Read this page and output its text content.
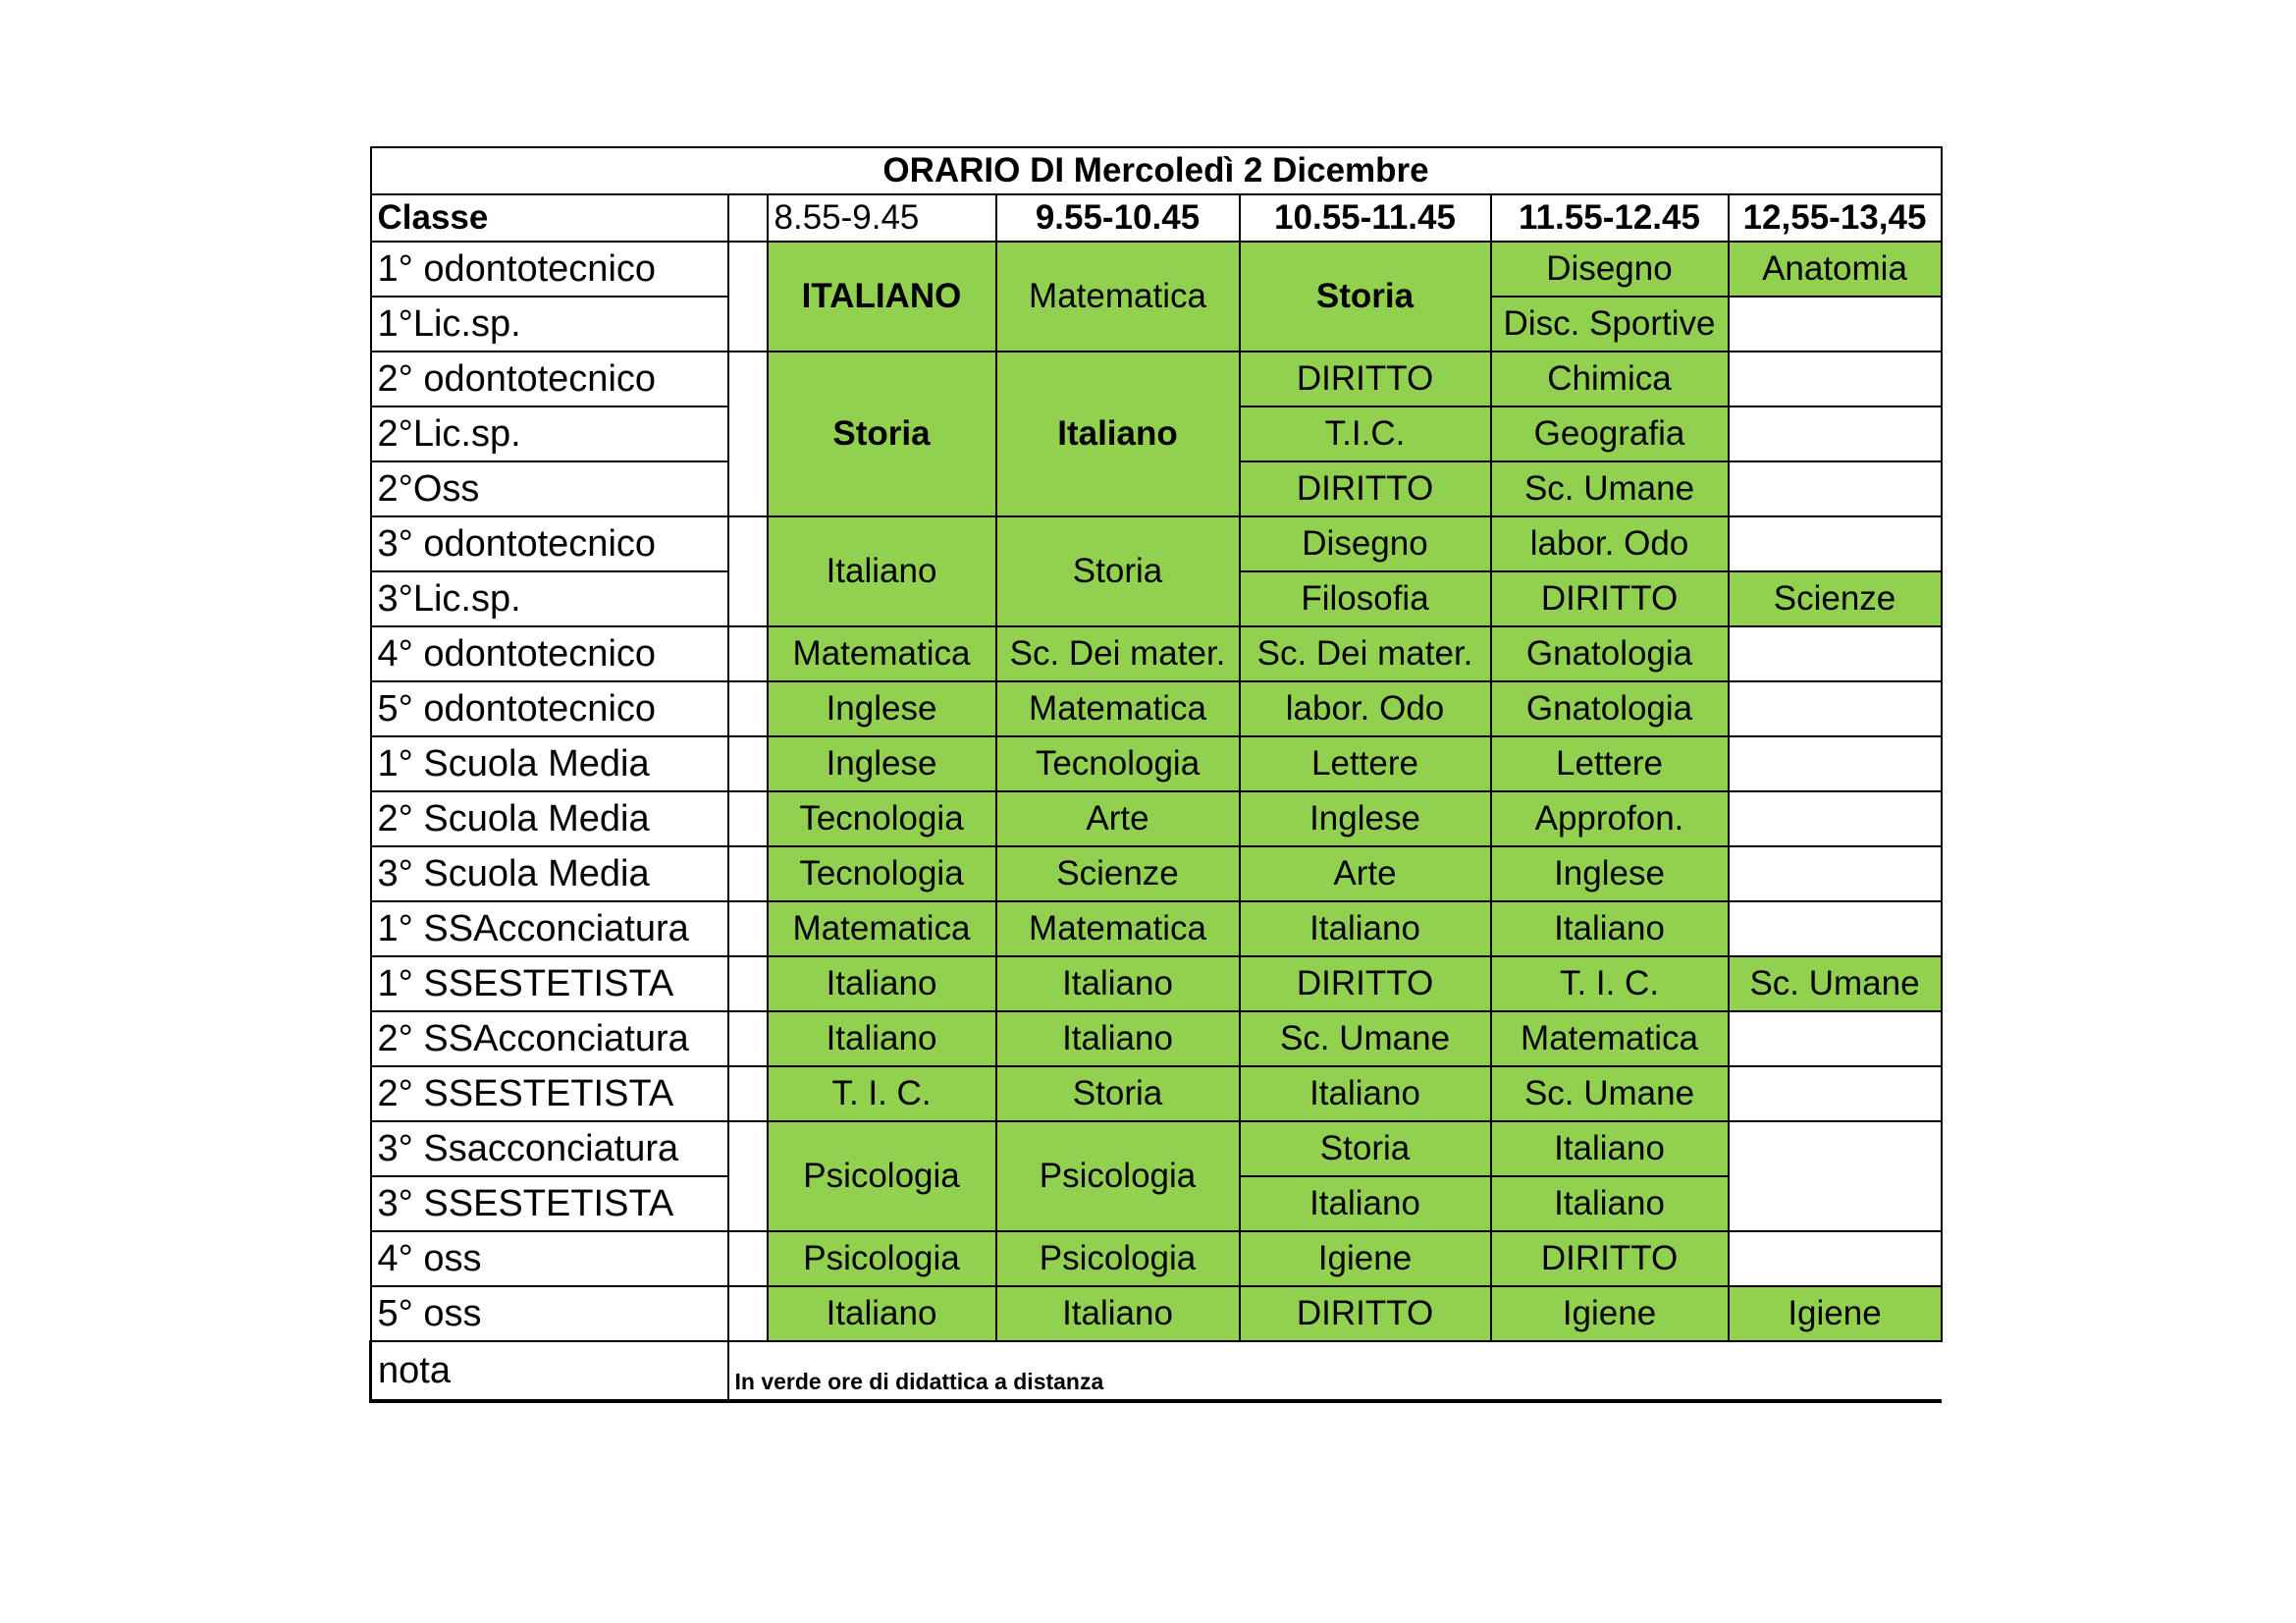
ORARIO DI Mercoledì 2 Dicembre						
Classe		8.55-9.45	9.55-10.45	10.55-11.45	11.55-12.45	12,55-13,45
1° odontotecnico		ITALIANO	Matematica	Storia	Disegno	Anatomia
1°Lic.sp.					Disc. Sportive	
2° odontotecnico		Storia	Italiano	DIRITTO	Chimica	
2°Lic.sp.				T.I.C.	Geografia	
2°Oss				DIRITTO	Sc. Umane	
3° odontotecnico		Italiano	Storia	Disegno	labor. Odo	
3°Lic.sp.				Filosofia	DIRITTO	Scienze
4° odontotecnico		Matematica	Sc. Dei mater.	Sc. Dei mater.	Gnatologia	
5° odontotecnico		Inglese	Matematica	labor. Odo	Gnatologia	
1° Scuola Media		Inglese	Tecnologia	Lettere	Lettere	
2° Scuola Media		Tecnologia	Arte	Inglese	Approfon.	
3° Scuola Media		Tecnologia	Scienze	Arte	Inglese	
1° SSAcconciatura		Matematica	Matematica	Italiano	Italiano	
1° SSESTETISTA		Italiano	Italiano	DIRITTO	T. I. C.	Sc. Umane
2° SSAcconciatura		Italiano	Italiano	Sc. Umane	Matematica	
2° SSESTETISTA		T. I. C.	Storia	Italiano	Sc. Umane	
3° Ssacconciatura		Psicologia	Psicologia	Storia	Italiano	
3° SSESTETISTA				Italiano	Italiano	
4° oss		Psicologia	Psicologia	Igiene	DIRITTO	
5° oss		Italiano	Italiano	DIRITTO	Igiene	Igiene
nota	In verde ore di didattica a distanza					
